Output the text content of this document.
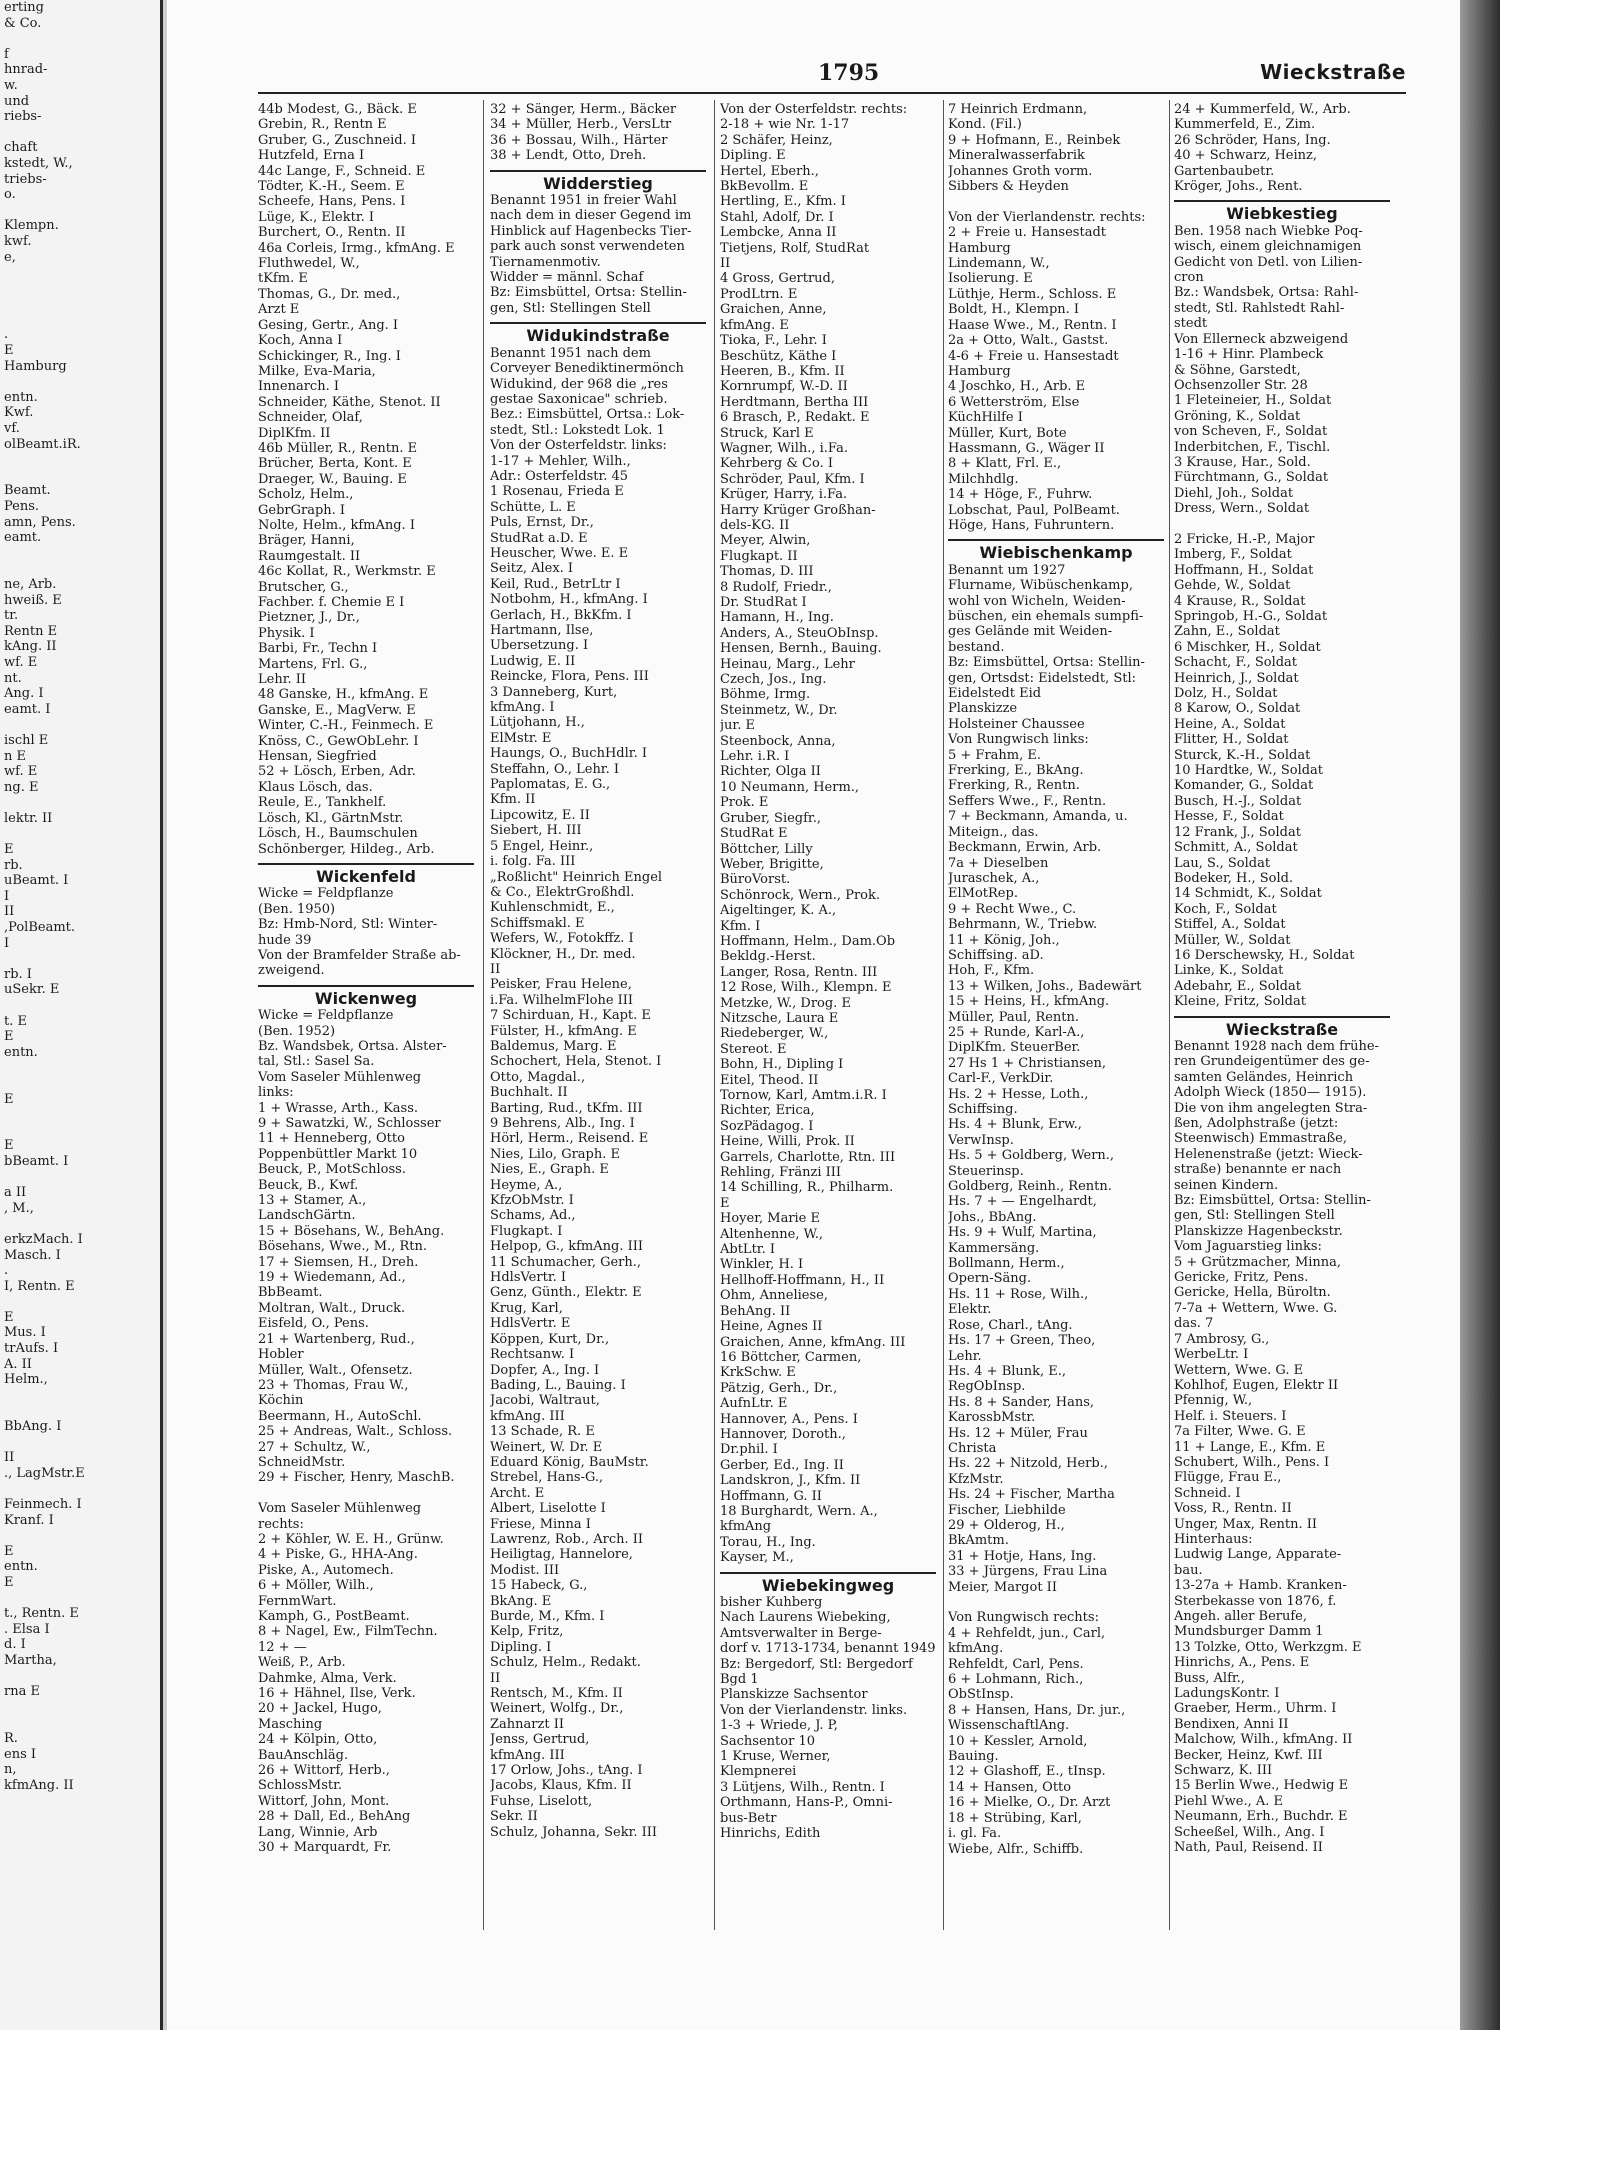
erting
& Co.

f
hnrad-
w.
und
riebs-

chaft
kstedt, W.,
triebs-
o.

Klempn.
kwf.
e,

.
E
Hamburg

entn.
Kwf.
vf.
olBeamt.iR.

Beamt.
Pens.
amn, Pens.
eamt.

ne, Arb.
hweiß. E
tr.
Rentn E
kAng. II
wf. E
nt.
Ang. I
eamt. I

ischl E
n E
wf. E
ng. E

lektr. II

E
rb.
uBeamt. I
I
II
,PolBeamt.
I

rb. I
uSekr. E

t. E
E
entn.

E

E
bBeamt. I

a II
, M.,

erkzMach. I
Masch. I
.
I, Rentn. E

E
Mus. I
trAufs. I
A. II
Helm.,

BbAng. I

II
., LagMstr.E

Feinmech. I
Kranf. I

E
entn.
E

t., Rentn. E
. Elsa I
d. I
Martha,

rna E

R.
ens I
n,
kfmAng. II
1795	Wieckstraße
44b Modest, G., Bäck. E
Grebin, R., Rentn E
Gruber, G., Zuschneid. I
Hutzfeld, Erna I
44c Lange, F., Schneid. E
Tödter, K.-H., Seem. E
Scheefe, Hans, Pens. I
Lüge, K., Elektr. I
Burchert, O., Rentn. II
46a Corleis, Irmg., kfmAng. E
Fluthwedel, W.,
tKfm. E
Thomas, G., Dr. med.,
Arzt E
Gesing, Gertr., Ang. I
Koch, Anna I
Schickinger, R., Ing. I
Milke, Eva-Maria,
Innenarch. I
Schneider, Käthe, Stenot. II
Schneider, Olaf,
DiplKfm. II
46b Müller, R., Rentn. E
Brücher, Berta, Kont. E
Draeger, W., Bauing. E
Scholz, Helm.,
GebrGraph. I
Nolte, Helm., kfmAng. I
Bräger, Hanni,
Raumgestalt. II
46c Kollat, R., Werkmstr. E
Brutscher, G.,
Fachber. f. Chemie E I
Pietzner, J., Dr.,
Physik. I
Barbi, Fr., Techn I
Martens, Frl. G.,
Lehr. II
48 Ganske, H., kfmAng. E
Ganske, E., MagVerw. E
Winter, C.-H., Feinmech. E
Knöss, C., GewObLehr. I
Hensan, Siegfried
52 + Lösch, Erben, Adr.
Klaus Lösch, das.
Reule, E., Tankhelf.
Lösch, Kl., GärtnMstr.
Lösch, H., Baumschulen
Schönberger, Hildeg., Arb.
Wickenfeld
Wicke = Feldpflanze
(Ben. 1950)
Bz: Hmb-Nord, Stl: Winter-
hude 39
Von der Bramfelder Straße ab-
zweigend.
Wickenweg
Wicke = Feldpflanze
(Ben. 1952)
Bz. Wandsbek, Ortsa. Alster-
tal, Stl.: Sasel Sa.
Vom Saseler Mühlenweg
links:
1 + Wrasse, Arth., Kass.
9 + Sawatzki, W., Schlosser
11 + Henneberg, Otto
Poppenbüttler Markt 10
Beuck, P., MotSchloss.
Beuck, B., Kwf.
13 + Stamer, A.,
LandschGärtn.
15 + Bösehans, W., BehAng.
Bösehans, Wwe., M., Rtn.
17 + Siemsen, H., Dreh.
19 + Wiedemann, Ad.,
BbBeamt.
Moltran, Walt., Druck.
Eisfeld, O., Pens.
21 + Wartenberg, Rud.,
Hobler
Müller, Walt., Ofensetz.
23 + Thomas, Frau W.,
Köchin
Beermann, H., AutoSchl.
25 + Andreas, Walt., Schloss.
27 + Schultz, W.,
SchneidMstr.
29 + Fischer, Henry, MaschB.

Vom Saseler Mühlenweg
rechts:
2 + Köhler, W. E. H., Grünw.
4 + Piske, G., HHA-Ang.
Piske, A., Automech.
6 + Möller, Wilh.,
FernmWart.
Kamph, G., PostBeamt.
8 + Nagel, Ew., FilmTechn.
12 + —
Weiß, P., Arb.
Dahmke, Alma, Verk.
16 + Hähnel, Ilse, Verk.
20 + Jackel, Hugo,
Masching
24 + Kölpin, Otto,
BauAnschläg.
26 + Wittorf, Herb.,
SchlossMstr.
Wittorf, John, Mont.
28 + Dall, Ed., BehAng
Lang, Winnie, Arb
30 + Marquardt, Fr.
32 + Sänger, Herm., Bäcker
34 + Müller, Herb., VersLtr
36 + Bossau, Wilh., Härter
38 + Lendt, Otto, Dreh.
Widderstieg
Benannt 1951 in freier Wahl
nach dem in dieser Gegend im
Hinblick auf Hagenbecks Tier-
park auch sonst verwendeten
Tiernamenmotiv.
Widder = männl. Schaf
Bz: Eimsbüttel, Ortsa: Stellin-
gen, Stl: Stellingen Stell
Widukindstraße
Benannt 1951 nach dem
Corveyer Benediktinermönch
Widukind, der 968 die „res
gestae Saxonicae" schrieb.
Bez.: Eimsbüttel, Ortsa.: Lok-
stedt, Stl.: Lokstedt Lok. 1
Von der Osterfeldstr. links:
1-17 + Mehler, Wilh.,
Adr.: Osterfeldstr. 45
1 Rosenau, Frieda E
Schütte, L. E
Puls, Ernst, Dr.,
StudRat a.D. E
Heuscher, Wwe. E. E
Seitz, Alex. I
Keil, Rud., BetrLtr I
Notbohm, H., kfmAng. I
Gerlach, H., BkKfm. I
Hartmann, Ilse,
Übersetzung. I
Ludwig, E. II
Reincke, Flora, Pens. III
3 Danneberg, Kurt,
kfmAng. I
Lütjohann, H.,
ElMstr. E
Haungs, O., BuchHdlr. I
Steffahn, O., Lehr. I
Paplomatas, E. G.,
Kfm. II
Lipcowitz, E. II
Siebert, H. III
5 Engel, Heinr.,
i. folg. Fa. III
„Roßlicht" Heinrich Engel
& Co., ElektrGroßhdl.
Kuhlenschmidt, E.,
Schiffsmakl. E
Wefers, W., Fotokffz. I
Klöckner, H., Dr. med.
II
Peisker, Frau Helene,
i.Fa. WilhelmFlohe III
7 Schirduan, H., Kapt. E
Fülster, H., kfmAng. E
Baldemus, Marg. E
Schochert, Hela, Stenot. I
Otto, Magdal.,
Buchhalt. II
Barting, Rud., tKfm. III
9 Behrens, Alb., Ing. I
Hörl, Herm., Reisend. E
Nies, Lilo, Graph. E
Nies, E., Graph. E
Heyme, A.,
KfzObMstr. I
Schams, Ad.,
Flugkapt. I
Helpop, G., kfmAng. III
11 Schumacher, Gerh.,
HdlsVertr. I
Genz, Günth., Elektr. E
Krug, Karl,
HdlsVertr. E
Köppen, Kurt, Dr.,
Rechtsanw. I
Dopfer, A., Ing. I
Bading, L., Bauing. I
Jacobi, Waltraut,
kfmAng. III
13 Schade, R. E
Weinert, W. Dr. E
Eduard König, BauMstr.
Strebel, Hans-G.,
Archt. E
Albert, Liselotte I
Friese, Minna I
Lawrenz, Rob., Arch. II
Heiligtag, Hannelore,
Modist. III
15 Habeck, G.,
BkAng. E
Burde, M., Kfm. I
Kelp, Fritz,
Dipling. I
Schulz, Helm., Redakt.
II
Rentsch, M., Kfm. II
Weinert, Wolfg., Dr.,
Zahnarzt II
Jenss, Gertrud,
kfmAng. III
17 Orlow, Johs., tAng. I
Jacobs, Klaus, Kfm. II
Fuhse, Liselott,
Sekr. II
Schulz, Johanna, Sekr. III
Von der Osterfeldstr. rechts:
2-18 + wie Nr. 1-17
2 Schäfer, Heinz,
Dipling. E
Hertel, Eberh.,
BkBevollm. E
Hertling, E., Kfm. I
Stahl, Adolf, Dr. I
Lembcke, Anna II
Tietjens, Rolf, StudRat
II
4 Gross, Gertrud,
ProdLtrn. E
Graichen, Anne,
kfmAng. E
Tioka, F., Lehr. I
Beschütz, Käthe I
Heeren, B., Kfm. II
Kornrumpf, W.-D. II
Herdtmann, Bertha III
6 Brasch, P., Redakt. E
Struck, Karl E
Wagner, Wilh., i.Fa.
Kehrberg & Co. I
Schröder, Paul, Kfm. I
Krüger, Harry, i.Fa.
Harry Krüger Großhan-
dels-KG. II
Meyer, Alwin,
Flugkapt. II
Thomas, D. III
8 Rudolf, Friedr.,
Dr. StudRat I
Hamann, H., Ing.
Anders, A., SteuObInsp.
Hensen, Bernh., Bauing.
Heinau, Marg., Lehr
Czech, Jos., Ing.
Böhme, Irmg.
Steinmetz, W., Dr.
jur. E
Steenbock, Anna,
Lehr. i.R. I
Richter, Olga II
10 Neumann, Herm.,
Prok. E
Gruber, Siegfr.,
StudRat E
Böttcher, Lilly
Weber, Brigitte,
BüroVorst.
Schönrock, Wern., Prok.
Aigeltinger, K. A.,
Kfm. I
Hoffmann, Helm., Dam.Ob
Bekldg.-Herst.
Langer, Rosa, Rentn. III
12 Rose, Wilh., Klempn. E
Metzke, W., Drog. E
Nitzsche, Laura E
Riedeberger, W.,
Stereot. E
Bohn, H., Dipling I
Eitel, Theod. II
Tornow, Karl, Amtm.i.R. I
Richter, Erica,
SozPädagog. I
Heine, Willi, Prok. II
Garrels, Charlotte, Rtn. III
Rehling, Fränzi III
14 Schilling, R., Philharm.
E
Hoyer, Marie E
Altenhenne, W.,
AbtLtr. I
Winkler, H. I
Hellhoff-Hoffmann, H., II
Ohm, Anneliese,
BehAng. II
Heine, Agnes II
Graichen, Anne, kfmAng. III
16 Böttcher, Carmen,
KrkSchw. E
Pätzig, Gerh., Dr.,
AufnLtr. E
Hannover, A., Pens. I
Hannover, Doroth.,
Dr.phil. I
Gerber, Ed., Ing. II
Landskron, J., Kfm. II
Hoffmann, G. II
18 Burghardt, Wern. A.,
kfmAng
Torau, H., Ing.
Kayser, M.,
Wiebekingweg
bisher Kuhberg
Nach Laurens Wiebeking,
Amtsverwalter in Berge-
dorf v. 1713-1734, benannt 1949
Bz: Bergedorf, Stl: Bergedorf
Bgd 1
Planskizze Sachsentor
Von der Vierlandenstr. links.
1-3 + Wriede, J. P,
Sachsentor 10
1 Kruse, Werner,
Klempnerei
3 Lütjens, Wilh., Rentn. I
Orthmann, Hans-P., Omni-
bus-Betr
Hinrichs, Edith
7 Heinrich Erdmann,
Kond. (Fil.)
9 + Hofmann, E., Reinbek
Mineralwasserfabrik
Johannes Groth vorm.
Sibbers & Heyden

Von der Vierlandenstr. rechts:
2 + Freie u. Hansestadt
Hamburg
Lindemann, W.,
Isolierung. E
Lüthje, Herm., Schloss. E
Boldt, H., Klempn. I
Haase Wwe., M., Rentn. I
2a + Otto, Walt., Gastst.
4-6 + Freie u. Hansestadt
Hamburg
4 Joschko, H., Arb. E
6 Wetterström, Else
KüchHilfe I
Müller, Kurt, Bote
Hassmann, G., Wäger II
8 + Klatt, Frl. E.,
Milchhdlg.
14 + Höge, F., Fuhrw.
Lobschat, Paul, PolBeamt.
Höge, Hans, Fuhruntern.
Wiebischenkamp
Benannt um 1927
Flurname, Wibüschenkamp,
wohl von Wicheln, Weiden-
büschen, ein ehemals sumpfi-
ges Gelände mit Weiden-
bestand.
Bz: Eimsbüttel, Ortsa: Stellin-
gen, Ortsdst: Eidelstedt, Stl:
Eidelstedt Eid
Planskizze
Holsteiner Chaussee
Von Rungwisch links:
5 + Frahm, E.
Frerking, E., BkAng.
Frerking, R., Rentn.
Seffers Wwe., F., Rentn.
7 + Beckmann, Amanda, u.
Miteign., das.
Beckmann, Erwin, Arb.
7a + Dieselben
Juraschek, A.,
ElMotRep.
9 + Recht Wwe., C.
Behrmann, W., Triebw.
11 + König, Joh.,
Schiffsing. aD.
Hoh, F., Kfm.
13 + Wilken, Johs., Badewärt
15 + Heins, H., kfmAng.
Müller, Paul, Rentn.
25 + Runde, Karl-A.,
DiplKfm. SteuerBer.
27 Hs 1 + Christiansen,
Carl-F., VerkDir.
Hs. 2 + Hesse, Loth.,
Schiffsing.
Hs. 4 + Blunk, Erw.,
VerwInsp.
Hs. 5 + Goldberg, Wern.,
Steuerinsp.
Goldberg, Reinh., Rentn.
Hs. 7 + — Engelhardt,
Johs., BbAng.
Hs. 9 + Wulf, Martina,
Kammersäng.
Bollmann, Herm.,
Opern-Säng.
Hs. 11 + Rose, Wilh.,
Elektr.
Rose, Charl., tAng.
Hs. 17 + Green, Theo,
Lehr.
Hs. 4 + Blunk, E.,
RegObInsp.
Hs. 8 + Sander, Hans,
KarossbMstr.
Hs. 12 + Müler, Frau
Christa
Hs. 22 + Nitzold, Herb.,
KfzMstr.
Hs. 24 + Fischer, Martha
Fischer, Liebhilde
29 + Olderog, H.,
BkAmtm.
31 + Hotje, Hans, Ing.
33 + Jürgens, Frau Lina
Meier, Margot II

Von Rungwisch rechts:
4 + Rehfeldt, jun., Carl,
kfmAng.
Rehfeldt, Carl, Pens.
6 + Lohmann, Rich.,
ObStInsp.
8 + Hansen, Hans, Dr. jur.,
WissenschaftlAng.
10 + Kessler, Arnold,
Bauing.
12 + Glashoff, E., tInsp.
14 + Hansen, Otto
16 + Mielke, O., Dr. Arzt
18 + Strübing, Karl,
i. gl. Fa.
Wiebe, Alfr., Schiffb.
24 + Kummerfeld, W., Arb.
Kummerfeld, E., Zim.
26 Schröder, Hans, Ing.
40 + Schwarz, Heinz,
Gartenbaubetr.
Kröger, Johs., Rent.
Wiebkestieg
Ben. 1958 nach Wiebke Poq-
wisch, einem gleichnamigen
Gedicht von Detl. von Lilien-
cron
Bz.: Wandsbek, Ortsa: Rahl-
stedt, Stl. Rahlstedt Rahl-
stedt
Von Ellerneck abzweigend
1-16 + Hinr. Plambeck
& Söhne, Garstedt,
Ochsenzoller Str. 28
1 Fleteineier, H., Soldat
Gröning, K., Soldat
von Scheven, F., Soldat
Inderbitchen, F., Tischl.
3 Krause, Har., Sold.
Fürchtmann, G., Soldat
Diehl, Joh., Soldat
Dress, Wern., Soldat

2 Fricke, H.-P., Major
Imberg, F., Soldat
Hoffmann, H., Soldat
Gehde, W., Soldat
4 Krause, R., Soldat
Springob, H.-G., Soldat
Zahn, E., Soldat
6 Mischker, H., Soldat
Schacht, F., Soldat
Heinrich, J., Soldat
Dolz, H., Soldat
8 Karow, O., Soldat
Heine, A., Soldat
Flitter, H., Soldat
Sturck, K.-H., Soldat
10 Hardtke, W., Soldat
Komander, G., Soldat
Busch, H.-J., Soldat
Hesse, F., Soldat
12 Frank, J., Soldat
Schmitt, A., Soldat
Lau, S., Soldat
Bodeker, H., Sold.
14 Schmidt, K., Soldat
Koch, F., Soldat
Stiffel, A., Soldat
Müller, W., Soldat
16 Derschewsky, H., Soldat
Linke, K., Soldat
Adebahr, E., Soldat
Kleine, Fritz, Soldat
Wieckstraße
Benannt 1928 nach dem frühe-
ren Grundeigentümer des ge-
samten Geländes, Heinrich
Adolph Wieck (1850— 1915).
Die von ihm angelegten Stra-
ßen, Adolphstraße (jetzt:
Steenwisch) Emmastraße,
Helenenstraße (jetzt: Wieck-
straße) benannte er nach
seinen Kindern.
Bz: Eimsbüttel, Ortsa: Stellin-
gen, Stl: Stellingen Stell
Planskizze Hagenbeckstr.
Vom Jaguarstieg links:
5 + Grützmacher, Minna,
Gericke, Fritz, Pens.
Gericke, Hella, Büroltn.
7-7a + Wettern, Wwe. G.
das. 7
7 Ambrosy, G.,
WerbeLtr. I
Wettern, Wwe. G. E
Kohlhof, Eugen, Elektr II
Pfennig, W.,
Helf. i. Steuers. I
7a Filter, Wwe. G. E
11 + Lange, E., Kfm. E
Schubert, Wilh., Pens. I
Flügge, Frau E.,
Schneid. I
Voss, R., Rentn. II
Unger, Max, Rentn. II
Hinterhaus:
Ludwig Lange, Apparate-
bau.
13-27a + Hamb. Kranken-
Sterbekasse von 1876, f.
Angeh. aller Berufe,
Mundsburger Damm 1
13 Tolzke, Otto, Werkzgm. E
Hinrichs, A., Pens. E
Buss, Alfr.,
LadungsKontr. I
Graeber, Herm., Uhrm. I
Bendixen, Anni II
Malchow, Wilh., kfmAng. II
Becker, Heinz, Kwf. III
Schwarz, K. III
15 Berlin Wwe., Hedwig E
Piehl Wwe., A. E
Neumann, Erh., Buchdr. E
Scheeßel, Wilh., Ang. I
Nath, Paul, Reisend. II
